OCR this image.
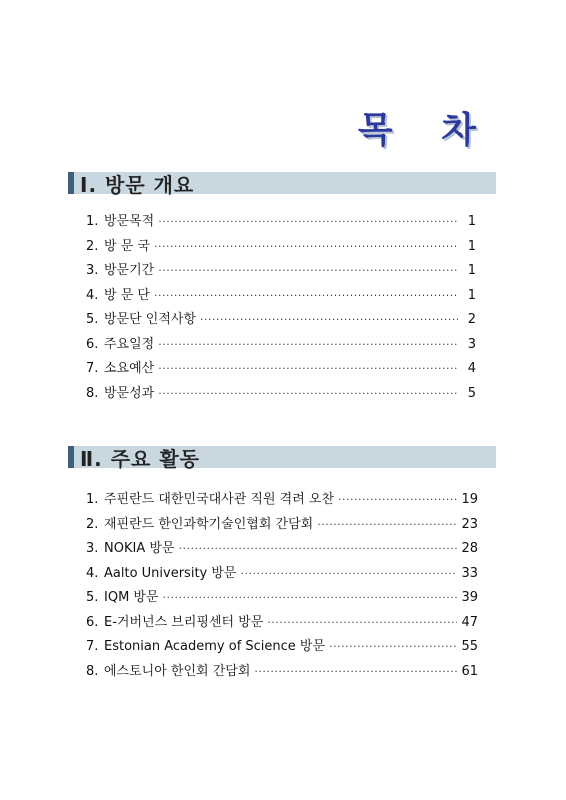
목 차
Ⅰ. 방문 개요
1. 방문목적 ·····	1
2. 방 문 국 ·····	1
3. 방문기간 ·····	1
4. 방 문 단 ·····	1
5. 방문단 인적사항 ·····	2
6. 주요일정 ·····	3
7. 소요예산 ·····	4
8. 방문성과 ·····	5
Ⅱ. 주요 활동
1. 주핀란드 대한민국대사관 직원 격려 오찬 ·····	19
2. 재핀란드 한인과학기술인협회 간담회 ·····	23
3. NOKIA 방문 ·····	28
4. Aalto University 방문 ·····	33
5. IQM 방문 ·····	39
6. E-거버넌스 브리핑센터 방문 ·····	47
7. Estonian Academy of Science 방문 ·····	55
8. 에스토니아 한인회 간담회 ·····	61
